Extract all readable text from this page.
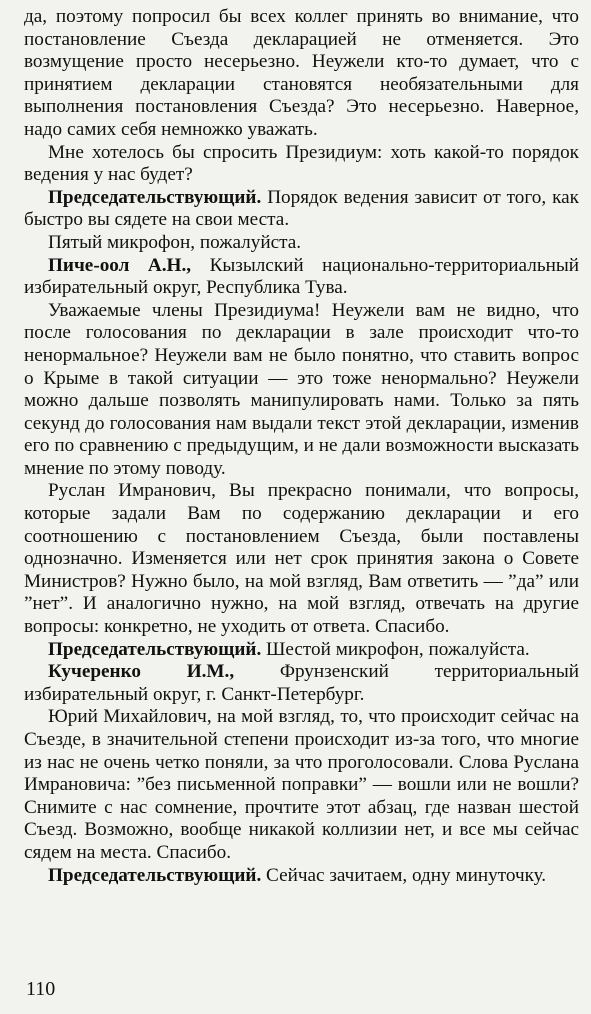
да, поэтому попросил бы всех коллег принять во внимание, что постановление Съезда декларацией не отменяется. Это возмущение просто несерьезно. Неужели кто-то думает, что с принятием декларации становятся необязательными для выполнения постановления Съезда? Это несерьезно. Наверное, надо самих себя немножко уважать.

Мне хотелось бы спросить Президиум: хоть какой-то порядок ведения у нас будет?

Председательствующий. Порядок ведения зависит от того, как быстро вы сядете на свои места.

Пятый микрофон, пожалуйста.

Пиче-оол А.Н., Кызылский национально-территориальный избирательный округ, Республика Тува.

Уважаемые члены Президиума! Неужели вам не видно, что после голосования по декларации в зале происходит что-то ненормальное? Неужели вам не было понятно, что ставить вопрос о Крыме в такой ситуации — это тоже ненормально? Неужели можно дальше позволять манипулировать нами. Только за пять секунд до голосования нам выдали текст этой декларации, изменив его по сравнению с предыдущим, и не дали возможности высказать мнение по этому поводу.

Руслан Имранович, Вы прекрасно понимали, что вопросы, которые задали Вам по содержанию декларации и его соотношению с постановлением Съезда, были поставлены однозначно. Изменяется или нет срок принятия закона о Совете Министров? Нужно было, на мой взгляд, Вам ответить — ”да” или ”нет”. И аналогично нужно, на мой взгляд, отвечать на другие вопросы: конкретно, не уходить от ответа. Спасибо.

Председательствующий. Шестой микрофон, пожалуйста.

Кучеренко И.М., Фрунзенский территориальный избирательный округ, г. Санкт-Петербург.

Юрий Михайлович, на мой взгляд, то, что происходит сейчас на Съезде, в значительной степени происходит из-за того, что многие из нас не очень четко поняли, за что проголосовали. Слова Руслана Имрановича: ”без письменной поправки” — вошли или не вошли? Снимите с нас сомнение, прочтите этот абзац, где назван шестой Съезд. Возможно, вообще никакой коллизии нет, и все мы сейчас сядем на места. Спасибо.

Председательствующий. Сейчас зачитаем, одну минуточку.

110
